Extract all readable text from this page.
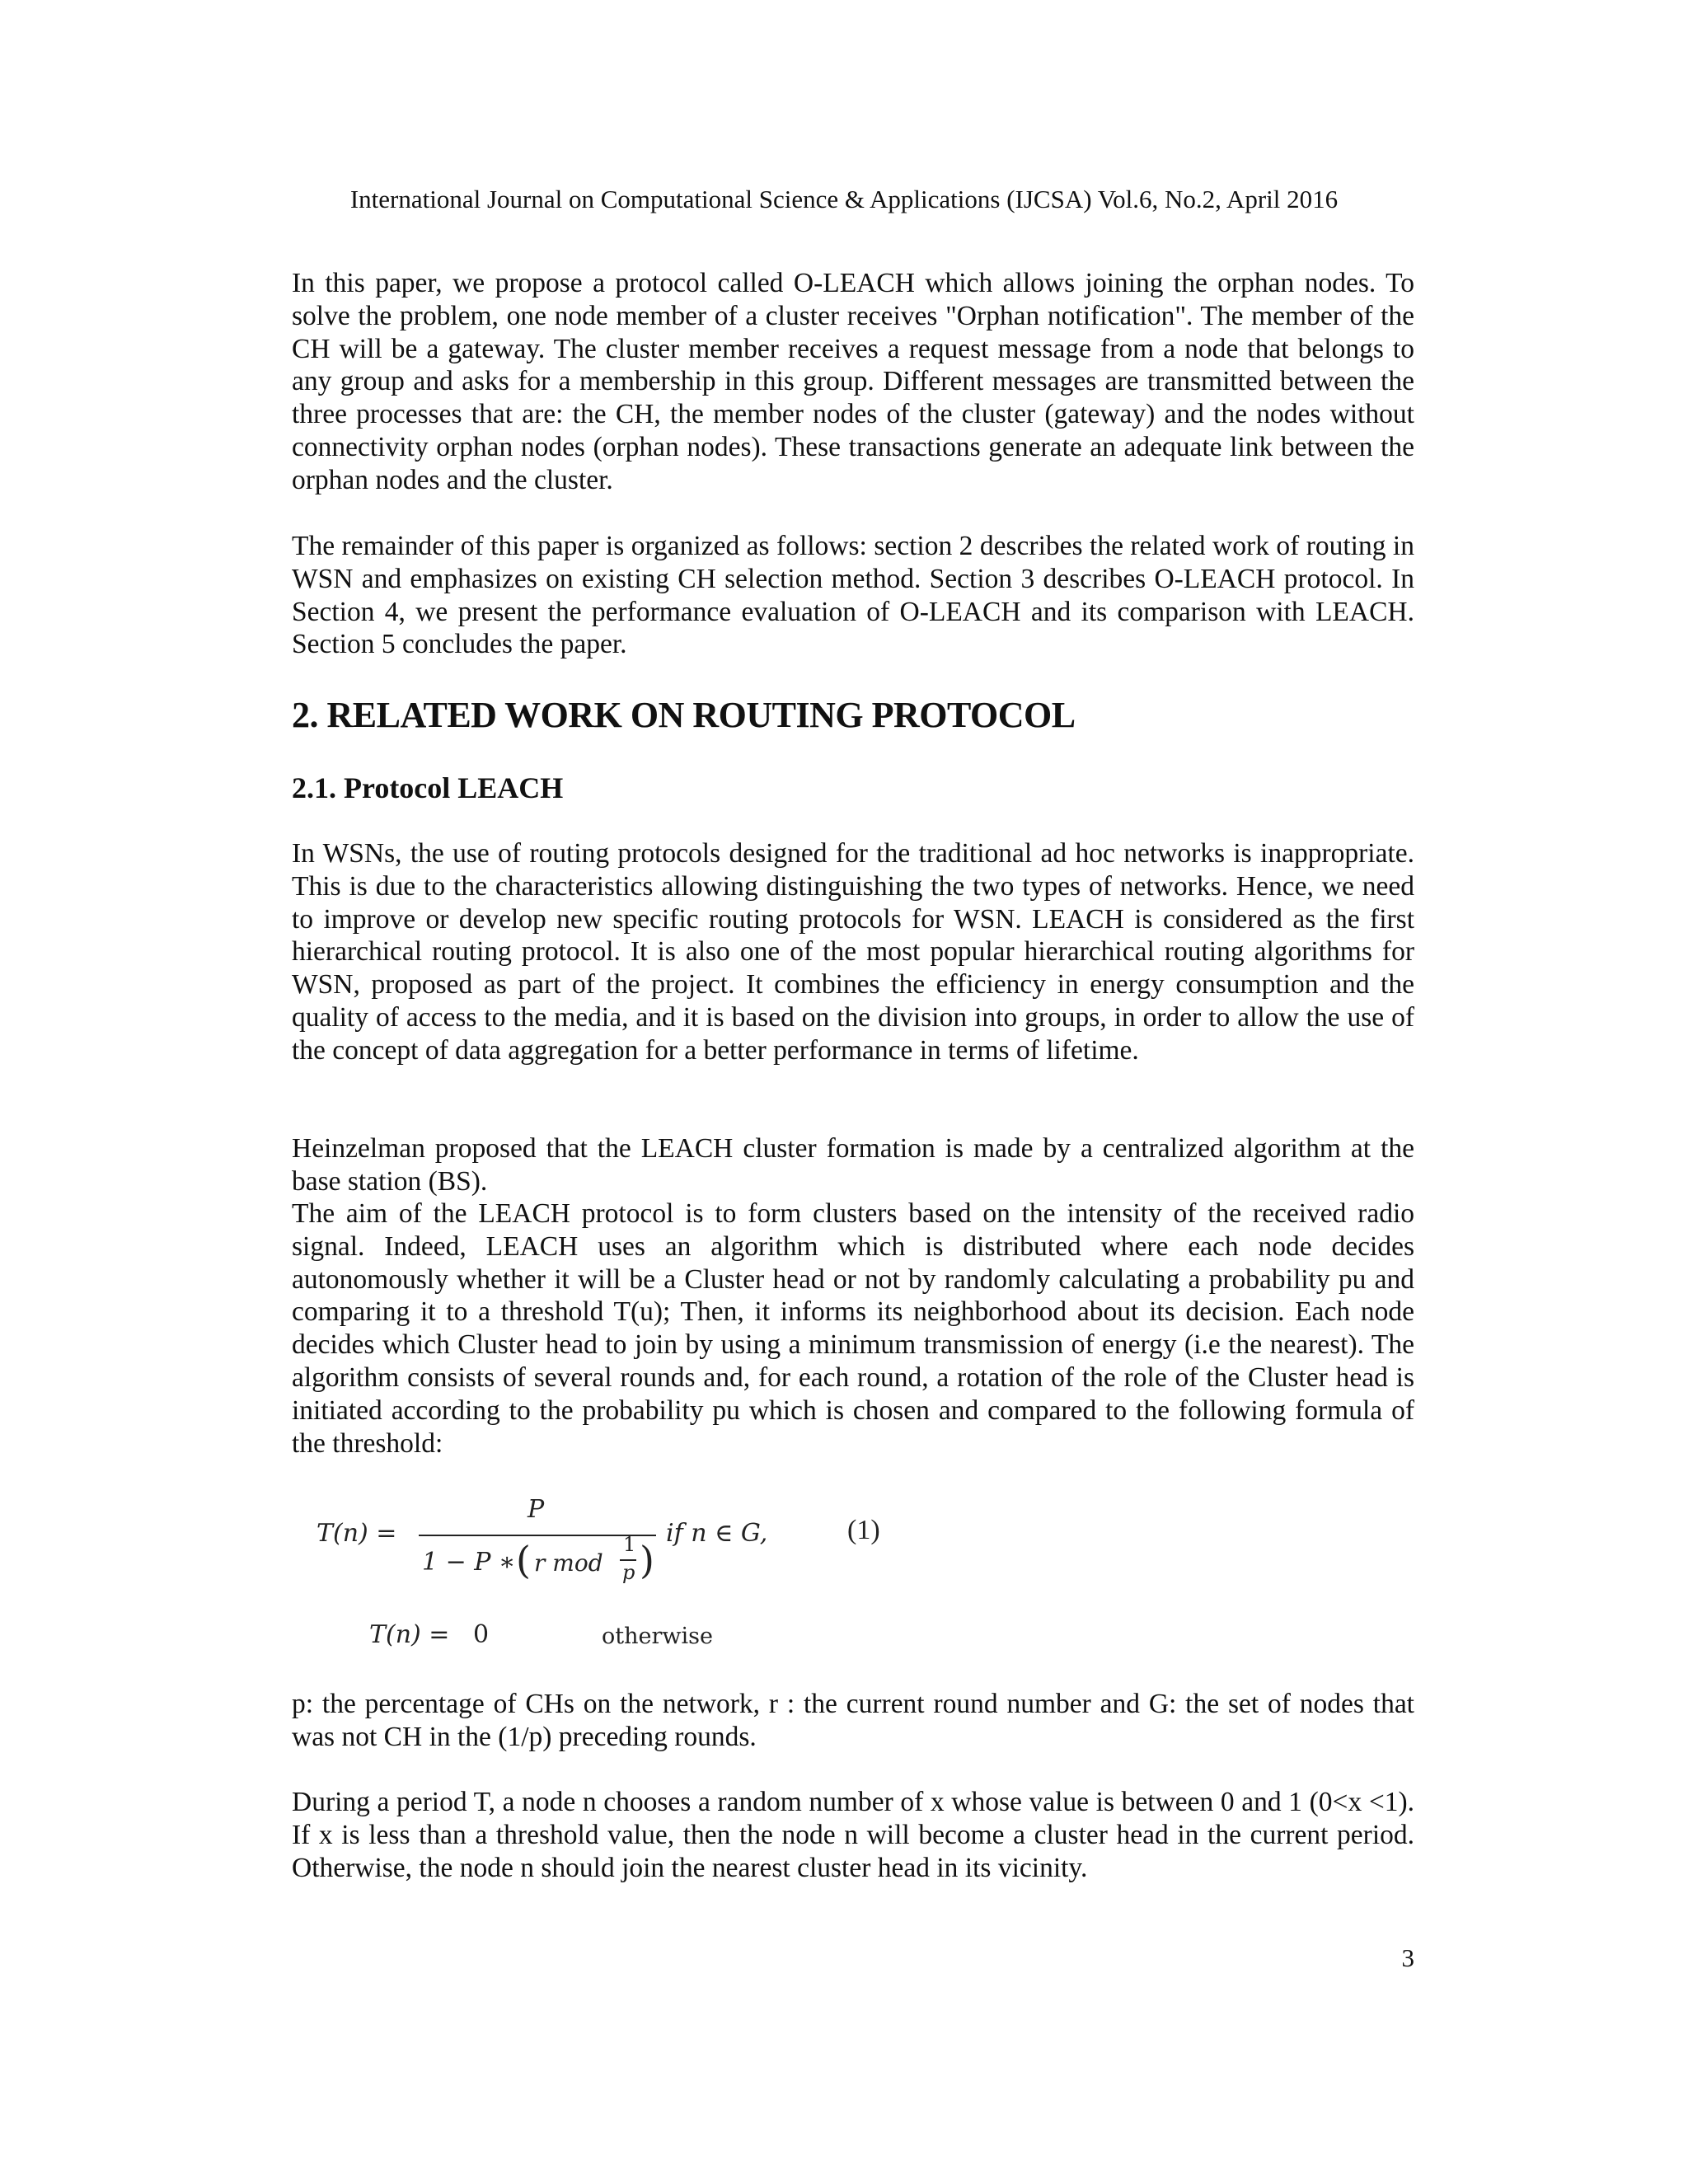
International Journal on Computational Science & Applications (IJCSA) Vol.6, No.2, April 2016

In this paper, we propose a protocol called O-LEACH which allows joining the orphan nodes. To solve the problem, one node member of a cluster receives "Orphan notification". The member of the CH will be a gateway. The cluster member receives a request message from a node that belongs to any group and asks for a membership in this group. Different messages are transmitted between the three processes that are: the CH, the member nodes of the cluster (gateway) and the nodes without connectivity orphan nodes (orphan nodes). These transactions generate an adequate link between the orphan nodes and the cluster.

The remainder of this paper is organized as follows: section 2 describes the related work of routing in WSN and emphasizes on existing CH selection method. Section 3 describes O-LEACH protocol. In Section 4, we present the performance evaluation of O-LEACH and its comparison with LEACH. Section 5 concludes the paper.

2. RELATED WORK ON ROUTING PROTOCOL
2.1. Protocol LEACH

In WSNs, the use of routing protocols designed for the traditional ad hoc networks is inappropriate. This is due to the characteristics allowing distinguishing the two types of networks. Hence, we need to improve or develop new specific routing protocols for WSN. LEACH is considered as the first hierarchical routing protocol. It is also one of the most popular hierarchical routing algorithms for WSN, proposed as part of the project. It combines the efficiency in energy consumption and the quality of access to the media, and it is based on the division into groups, in order to allow the use of the concept of data aggregation for a better performance in terms of lifetime.

Heinzelman proposed that the LEACH cluster formation is made by a centralized algorithm at the base station (BS).

The aim of the LEACH protocol is to form clusters based on the intensity of the received radio signal. Indeed, LEACH uses an algorithm which is distributed where each node decides autonomously whether it will be a Cluster head or not by randomly calculating a probability pu and comparing it to a threshold T(u); Then, it informs its neighborhood about its decision. Each node decides which Cluster head to join by using a minimum transmission of energy (i.e the nearest). The algorithm consists of several rounds and, for each round, a rotation of the role of the Cluster head is initiated according to the probability pu which is chosen and compared to the following formula of the threshold:

T(n) =
P
1 − P ∗ ( r mod
1
p )
if n ∈ G,	(1)
T(n) = 0	otherwise

p: the percentage of CHs on the network, r : the current round number and G: the set of nodes that was not CH in the (1/p) preceding rounds.

During a period T, a node n chooses a random number of x whose value is between 0 and 1 (0<x <1). If x is less than a threshold value, then the node n will become a cluster head in the current period. Otherwise, the node n should join the nearest cluster head in its vicinity.

3
